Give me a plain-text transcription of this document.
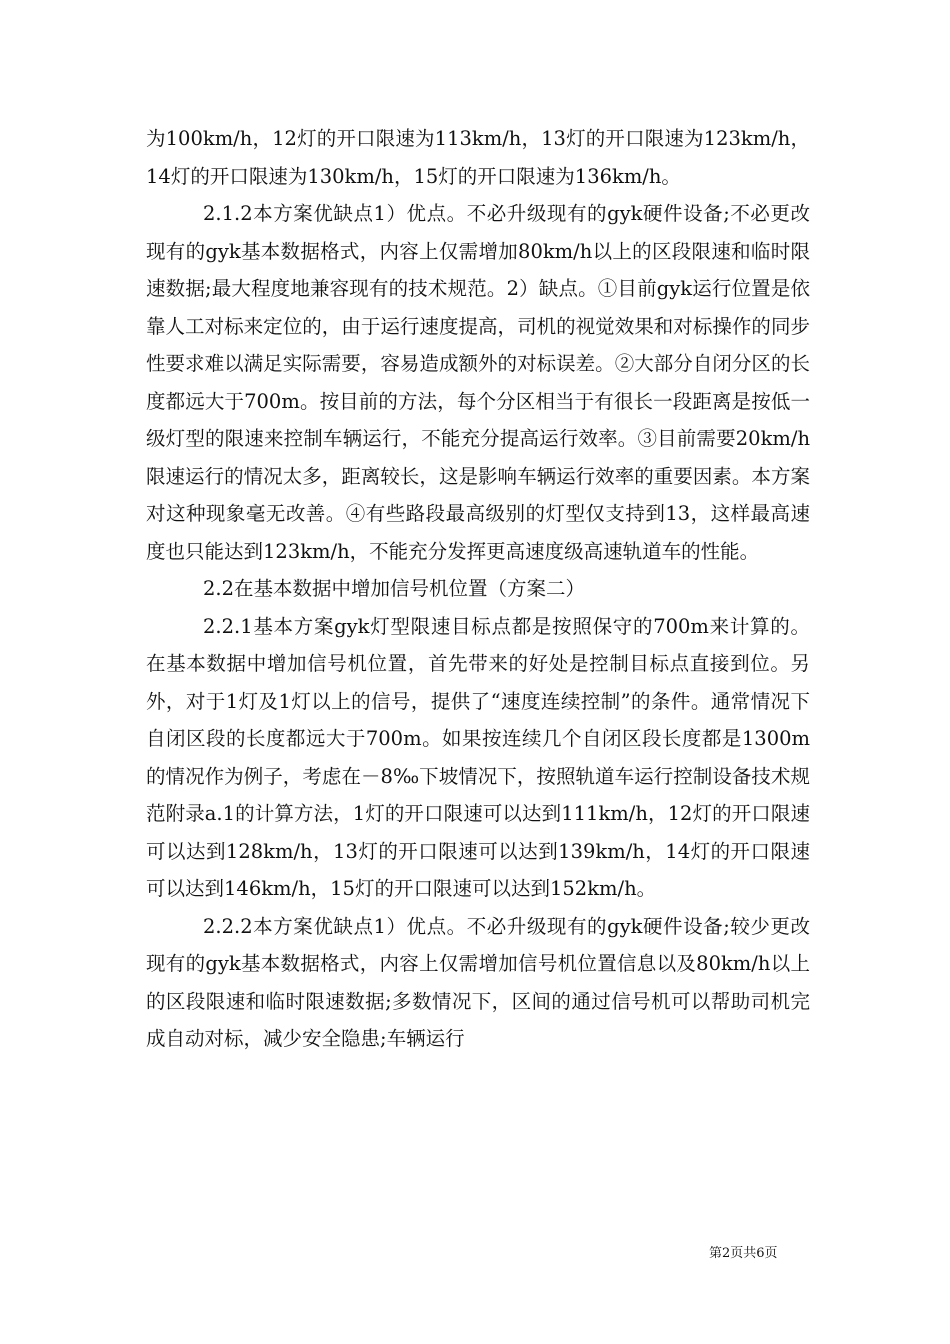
为100km/h，12灯的开口限速为113km/h，13灯的开口限速为123km/h，14灯的开口限速为130km/h，15灯的开口限速为136km/h。

2.1.2本方案优缺点1）优点。不必升级现有的gyk硬件设备;不必更改现有的gyk基本数据格式，内容上仅需增加80km/h以上的区段限速和临时限速数据;最大程度地兼容现有的技术规范。2）缺点。①目前gyk运行位置是依靠人工对标来定位的，由于运行速度提高，司机的视觉效果和对标操作的同步性要求难以满足实际需要，容易造成额外的对标误差。②大部分自闭分区的长度都远大于700m。按目前的方法，每个分区相当于有很长一段距离是按低一级灯型的限速来控制车辆运行，不能充分提高运行效率。③目前需要20km/h限速运行的情况太多，距离较长，这是影响车辆运行效率的重要因素。本方案对这种现象毫无改善。④有些路段最高级别的灯型仅支持到13，这样最高速度也只能达到123km/h，不能充分发挥更高速度级高速轨道车的性能。

2.2在基本数据中增加信号机位置（方案二）

2.2.1基本方案gyk灯型限速目标点都是按照保守的700m来计算的。在基本数据中增加信号机位置，首先带来的好处是控制目标点直接到位。另外，对于1灯及1灯以上的信号，提供了“速度连续控制”的条件。通常情况下自闭区段的长度都远大于700m。如果按连续几个自闭区段长度都是1300m的情况作为例子，考虑在－8‰下坡情况下，按照轨道车运行控制设备技术规范附录a.1的计算方法，1灯的开口限速可以达到111km/h，12灯的开口限速可以达到128km/h，13灯的开口限速可以达到139km/h，14灯的开口限速可以达到146km/h，15灯的开口限速可以达到152km/h。

2.2.2本方案优缺点1）优点。不必升级现有的gyk硬件设备;较少更改现有的gyk基本数据格式，内容上仅需增加信号机位置信息以及80km/h以上的区段限速和临时限速数据;多数情况下，区间的通过信号机可以帮助司机完成自动对标，减少安全隐患;车辆运行

第2页共6页
